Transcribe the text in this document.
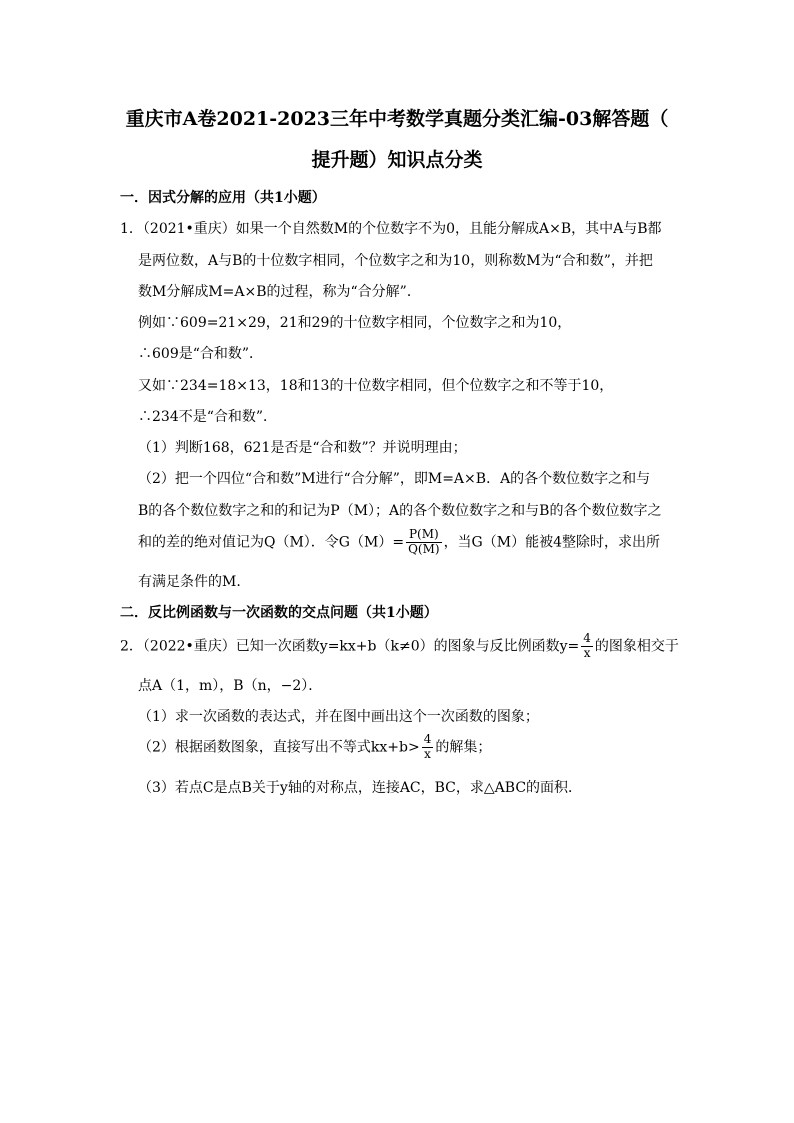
重庆市A卷2021-2023三年中考数学真题分类汇编-03解答题（
提升题）知识点分类
一．因式分解的应用（共1小题）
1．（2021•重庆）如果一个自然数M的个位数字不为0，且能分解成A×B，其中A与B都
是两位数，A与B的十位数字相同，个位数字之和为10，则称数M为“合和数”，并把
数M分解成M=A×B的过程，称为“合分解”．
例如∵609=21×29，21和29的十位数字相同，个位数字之和为10，
∴609是“合和数”．
又如∵234=18×13，18和13的十位数字相同，但个位数字之和不等于10，
∴234不是“合和数”．
（1）判断168，621是否是“合和数”？并说明理由；
（2）把一个四位“合和数”M进行“合分解”，即M=A×B．A的各个数位数字之和与
B的各个数位数字之和的和记为P（M）；A的各个数位数字之和与B的各个数位数字之
和的差的绝对值记为Q（M）．令$G(M)= \frac{P(M)}{Q(M)}$ ，当G（M）能被4整除时，求出所
有满足条件的M.
二．反比例函数与一次函数的交点问题（共1小题）
2．（2022•重庆）已知一次函数y=kx+b（k≠0）的图象与反比例函数$y= \frac{4}{x}$ 的图象相交于
点A（1，m），B（n，−2）．
（1）求一次函数的表达式，并在图中画出这个一次函数的图象；
（2）根据函数图象，直接写出不等式$kx+b> \frac{4}{x}$ 的解集；
（3）若点C是点B关于y轴的对称点，连接AC，BC，求△ABC的面积．
